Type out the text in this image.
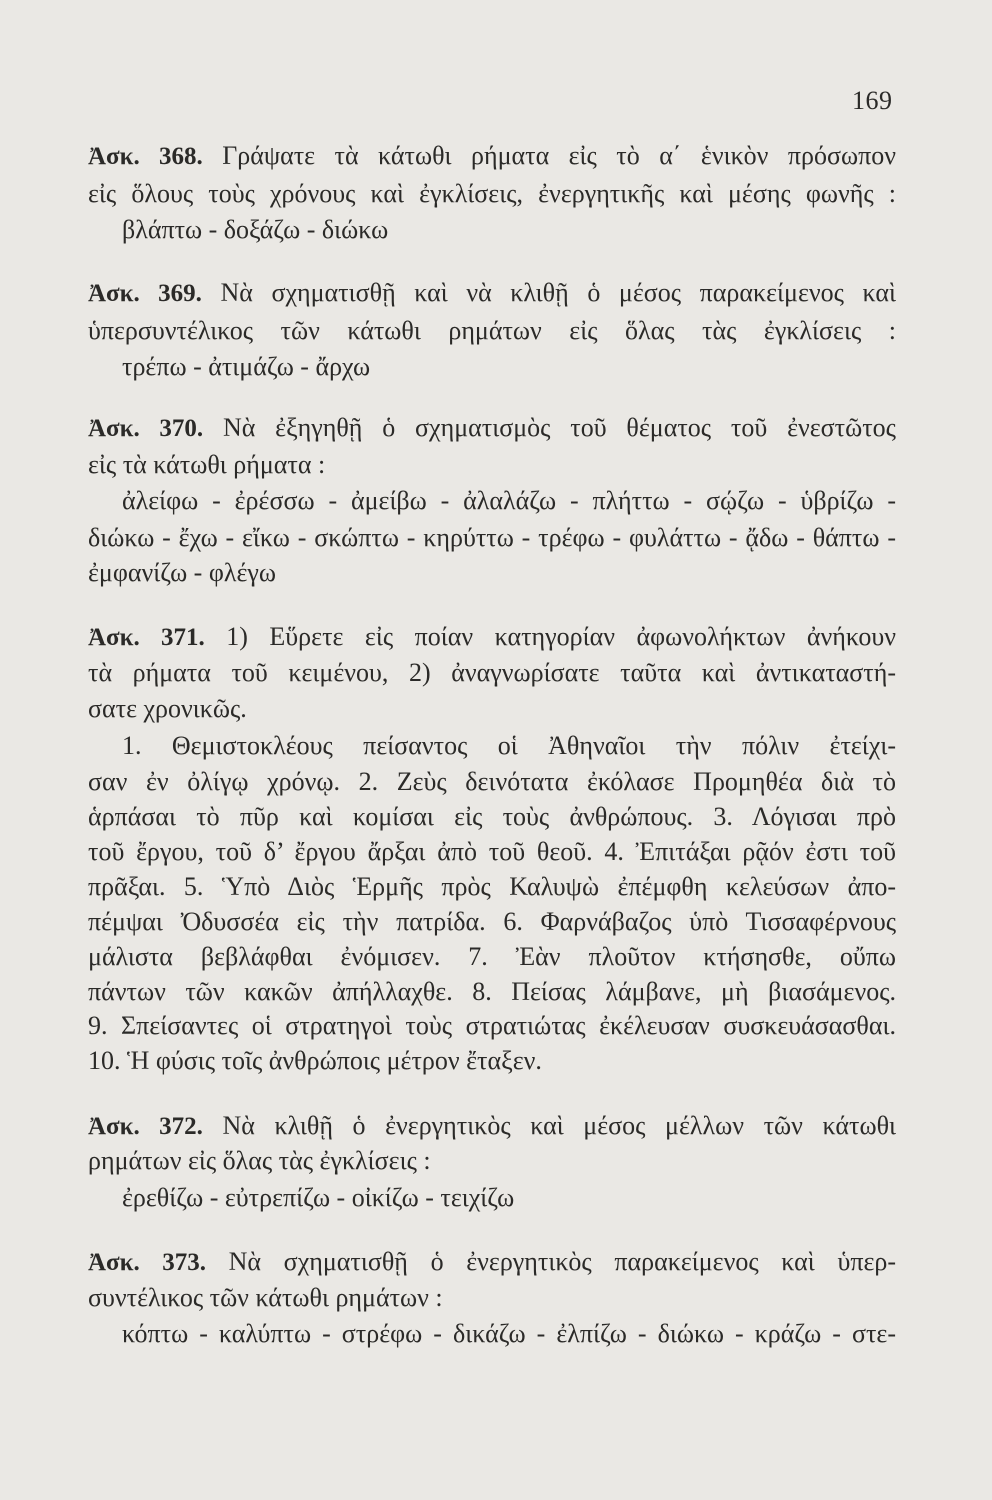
169
Ἀσκ. 368. Γράψατε τὰ κάτωθι ρήματα εἰς τὸ α΄ ἑνικὸν πρόσωπον
εἰς ὅλους τοὺς χρόνους καὶ ἐγκλίσεις, ἐνεργητικῆς καὶ μέσης φωνῆς :
βλάπτω - δοξάζω - διώκω
Ἀσκ. 369. Νὰ σχηματισθῇ καὶ νὰ κλιθῇ ὁ μέσος παρακείμενος καὶ
ὑπερσυντέλικος τῶν κάτωθι ρημάτων εἰς ὅλας τὰς ἐγκλίσεις :
τρέπω - ἀτιμάζω - ἄρχω
Ἀσκ. 370. Νὰ ἐξηγηθῇ ὁ σχηματισμὸς τοῦ θέματος τοῦ ἐνεστῶτος
εἰς τὰ κάτωθι ρήματα :
ἀλείφω - ἐρέσσω - ἀμείβω - ἀλαλάζω - πλήττω - σῴζω - ὑβρίζω -
διώκω - ἔχω - εἴκω - σκώπτω - κηρύττω - τρέφω - φυλάττω - ᾄδω - θάπτω -
ἐμφανίζω - φλέγω
Ἀσκ. 371. 1) Εὕρετε εἰς ποίαν κατηγορίαν ἀφωνολήκτων ἀνήκουν
τὰ ρήματα τοῦ κειμένου, 2) ἀναγνωρίσατε ταῦτα καὶ ἀντικαταστή-
σατε χρονικῶς.
1. Θεμιστοκλέους πείσαντος οἱ Ἀθηναῖοι τὴν πόλιν ἐτείχι-
σαν ἐν ὀλίγῳ χρόνῳ. 2. Ζεὺς δεινότατα ἐκόλασε Προμηθέα διὰ τὸ
ἁρπάσαι τὸ πῦρ καὶ κομίσαι εἰς τοὺς ἀνθρώπους. 3. Λόγισαι πρὸ
τοῦ ἔργου, τοῦ δ’ ἔργου ἄρξαι ἀπὸ τοῦ θεοῦ. 4. Ἐπιτάξαι ρᾷόν ἐστι τοῦ
πρᾶξαι. 5. Ὑπὸ Διὸς Ἑρμῆς πρὸς Καλυψὼ ἐπέμφθη κελεύσων ἀπο-
πέμψαι Ὀδυσσέα εἰς τὴν πατρίδα. 6. Φαρνάβαζος ὑπὸ Τισσαφέρνους
μάλιστα βεβλάφθαι ἐνόμισεν. 7. Ἐὰν πλοῦτον κτήσησθε, οὔπω
πάντων τῶν κακῶν ἀπήλλαχθε. 8. Πείσας λάμβανε, μὴ βιασάμενος.
9. Σπείσαντες οἱ στρατηγοὶ τοὺς στρατιώτας ἐκέλευσαν συσκευάσασθαι.
10. Ἡ φύσις τοῖς ἀνθρώποις μέτρον ἔταξεν.
Ἀσκ. 372. Νὰ κλιθῇ ὁ ἐνεργητικὸς καὶ μέσος μέλλων τῶν κάτωθι
ρημάτων εἰς ὅλας τὰς ἐγκλίσεις :
ἐρεθίζω - εὐτρεπίζω - οἰκίζω - τειχίζω
Ἀσκ. 373. Νὰ σχηματισθῇ ὁ ἐνεργητικὸς παρακείμενος καὶ ὑπερ-
συντέλικος τῶν κάτωθι ρημάτων :
κόπτω - καλύπτω - στρέφω - δικάζω - ἐλπίζω - διώκω - κράζω - στε-
